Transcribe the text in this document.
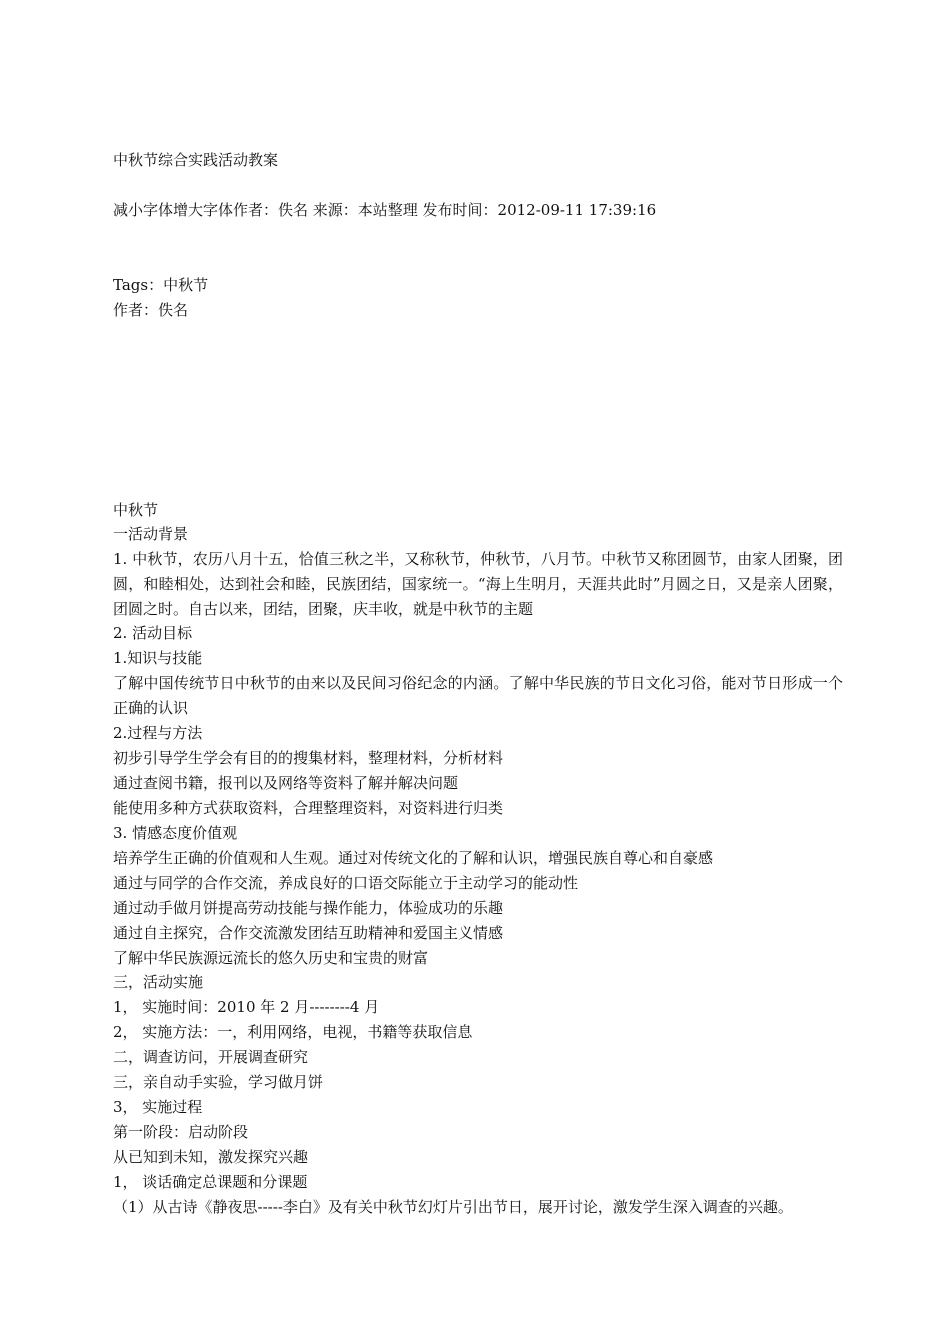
中秋节综合实践活动教案
减小字体增大字体作者：佚名 来源：本站整理 发布时间：2012-09-11 17:39:16
Tags：中秋节
作者：佚名
中秋节
一活动背景
1. 中秋节，农历八月十五，恰值三秋之半，又称秋节，仲秋节，八月节。中秋节又称团圆节，由家人团聚，团圆，和睦相处，达到社会和睦，民族团结，国家统一。“海上生明月，天涯共此时”月圆之日，又是亲人团聚，团圆之时。自古以来，团结，团聚，庆丰收，就是中秋节的主题
2. 活动目标
1.知识与技能
了解中国传统节日中秋节的由来以及民间习俗纪念的内涵。了解中华民族的节日文化习俗，能对节日形成一个正确的认识
2.过程与方法
初步引导学生学会有目的的搜集材料，整理材料，分析材料
通过查阅书籍，报刊以及网络等资料了解并解决问题
能使用多种方式获取资料，合理整理资料，对资料进行归类
3. 情感态度价值观
培养学生正确的价值观和人生观。通过对传统文化的了解和认识，增强民族自尊心和自豪感
通过与同学的合作交流，养成良好的口语交际能立于主动学习的能动性
通过动手做月饼提高劳动技能与操作能力，体验成功的乐趣
通过自主探究，合作交流激发团结互助精神和爱国主义情感
了解中华民族源远流长的悠久历史和宝贵的财富
三，活动实施
1， 实施时间：2010 年 2 月--------4 月
2， 实施方法：一，利用网络，电视，书籍等获取信息
二，调查访问，开展调查研究
三，亲自动手实验，学习做月饼
3， 实施过程
第一阶段：启动阶段
从已知到未知，激发探究兴趣
1， 谈话确定总课题和分课题
（1）从古诗《静夜思-----李白》及有关中秋节幻灯片引出节日，展开讨论，激发学生深入调查的兴趣。
